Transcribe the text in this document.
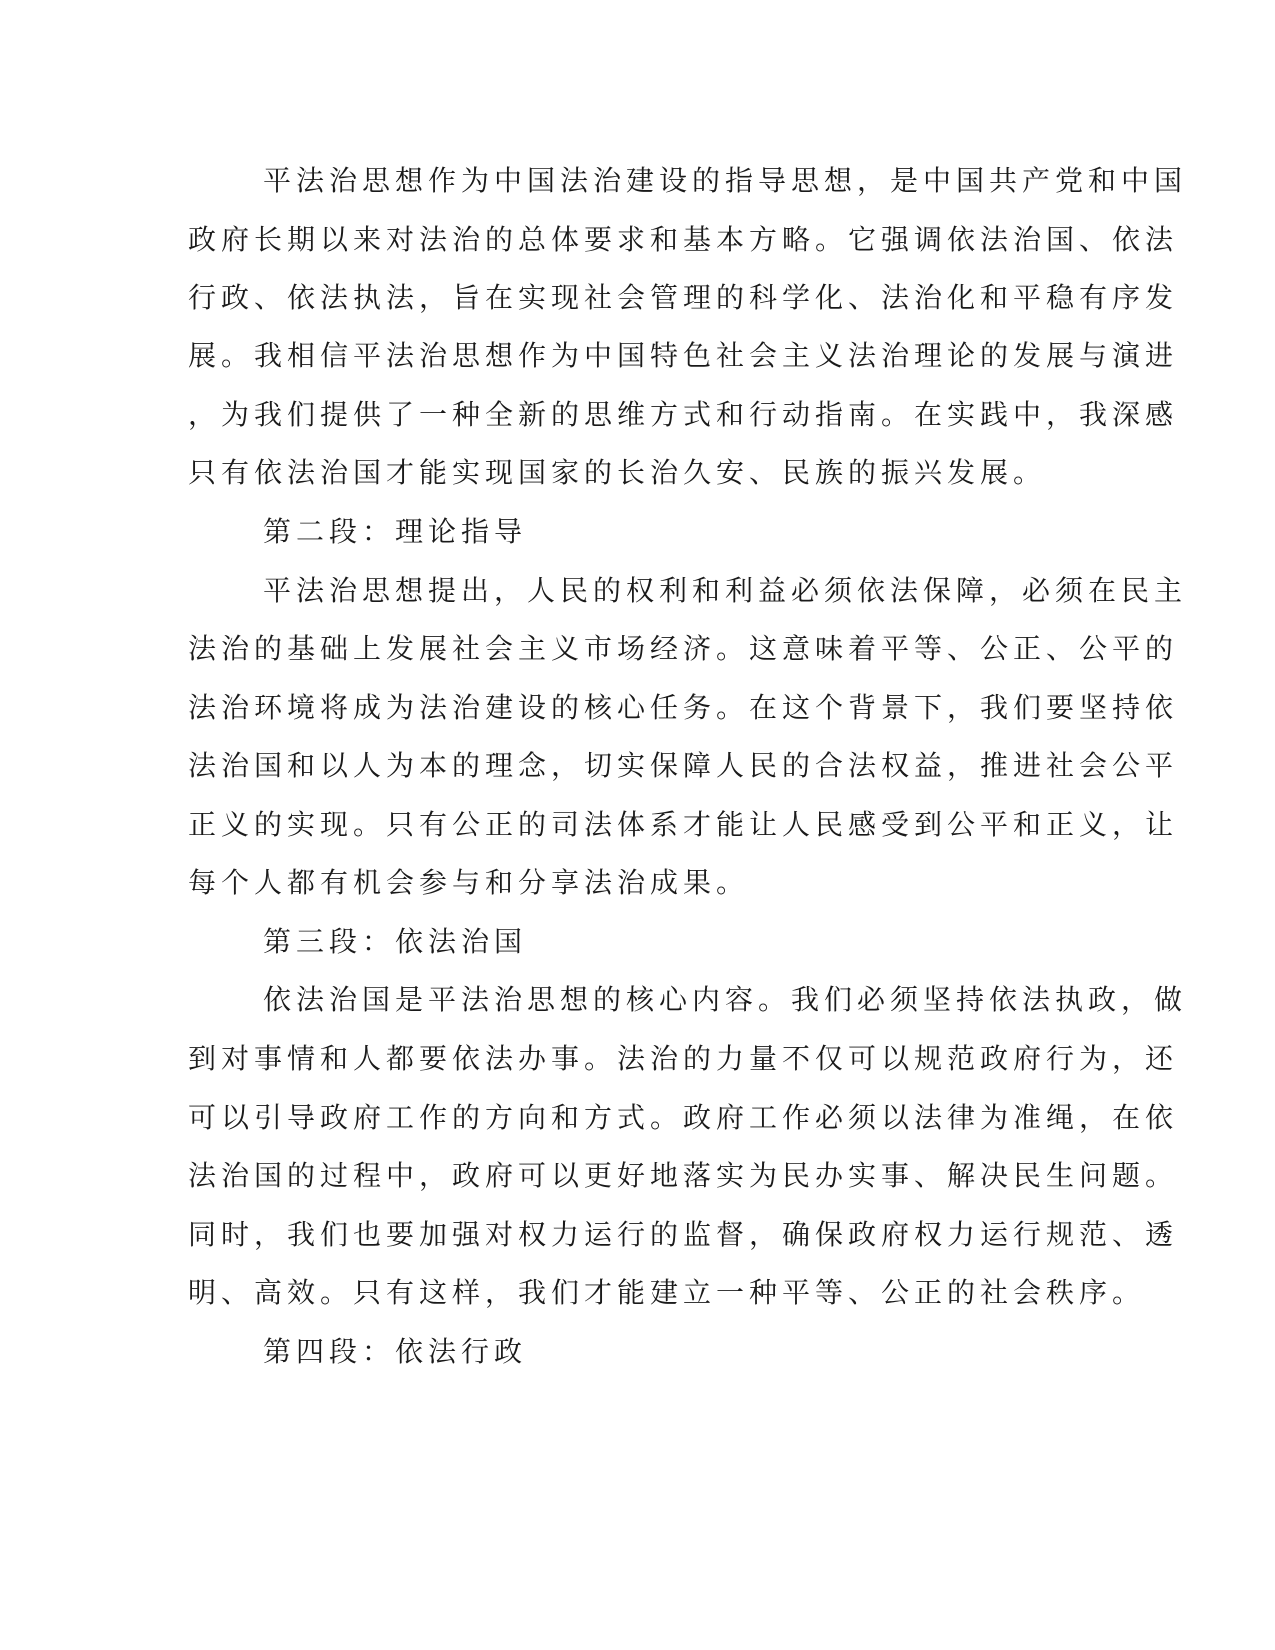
平法治思想作为中国法治建设的指导思想，是中国共产党和中国
政府长期以来对法治的总体要求和基本方略。它强调依法治国、依法
行政、依法执法，旨在实现社会管理的科学化、法治化和平稳有序发
展。我相信平法治思想作为中国特色社会主义法治理论的发展与演进
，为我们提供了一种全新的思维方式和行动指南。在实践中，我深感
只有依法治国才能实现国家的长治久安、民族的振兴发展。
第二段：理论指导
平法治思想提出，人民的权利和利益必须依法保障，必须在民主
法治的基础上发展社会主义市场经济。这意味着平等、公正、公平的
法治环境将成为法治建设的核心任务。在这个背景下，我们要坚持依
法治国和以人为本的理念，切实保障人民的合法权益，推进社会公平
正义的实现。只有公正的司法体系才能让人民感受到公平和正义，让
每个人都有机会参与和分享法治成果。
第三段：依法治国
依法治国是平法治思想的核心内容。我们必须坚持依法执政，做
到对事情和人都要依法办事。法治的力量不仅可以规范政府行为，还
可以引导政府工作的方向和方式。政府工作必须以法律为准绳，在依
法治国的过程中，政府可以更好地落实为民办实事、解决民生问题。
同时，我们也要加强对权力运行的监督，确保政府权力运行规范、透
明、高效。只有这样，我们才能建立一种平等、公正的社会秩序。
第四段：依法行政
